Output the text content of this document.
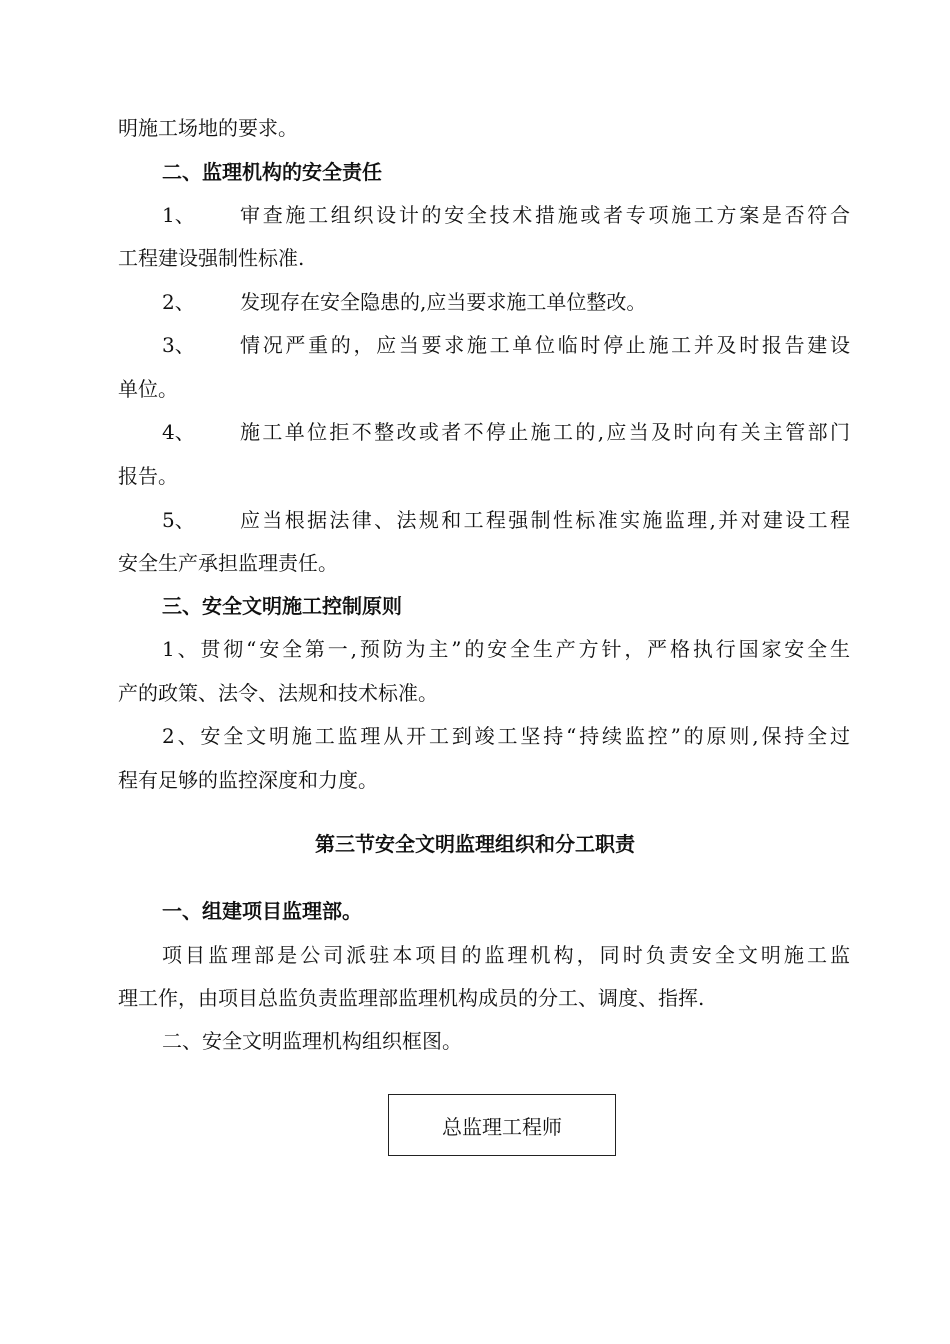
明施工场地的要求。
二、监理机构的安全责任
1、 审查施工组织设计的安全技术措施或者专项施工方案是否符合
工程建设强制性标准.
2、 发现存在安全隐患的,应当要求施工单位整改。
3、 情况严重的，应当要求施工单位临时停止施工并及时报告建设
单位。
4、 施工单位拒不整改或者不停止施工的,应当及时向有关主管部门
报告。
5、 应当根据法律、法规和工程强制性标准实施监理,并对建设工程
安全生产承担监理责任。
三、安全文明施工控制原则
1、贯彻“安全第一,预防为主”的安全生产方针，严格执行国家安全生
产的政策、法令、法规和技术标准。
2、安全文明施工监理从开工到竣工坚持“持续监控”的原则,保持全过
程有足够的监控深度和力度。
第三节安全文明监理组织和分工职责
一、组建项目监理部。
项目监理部是公司派驻本项目的监理机构，同时负责安全文明施工监
理工作，由项目总监负责监理部监理机构成员的分工、调度、指挥.
二、安全文明监理机构组织框图。
总监理工程师
